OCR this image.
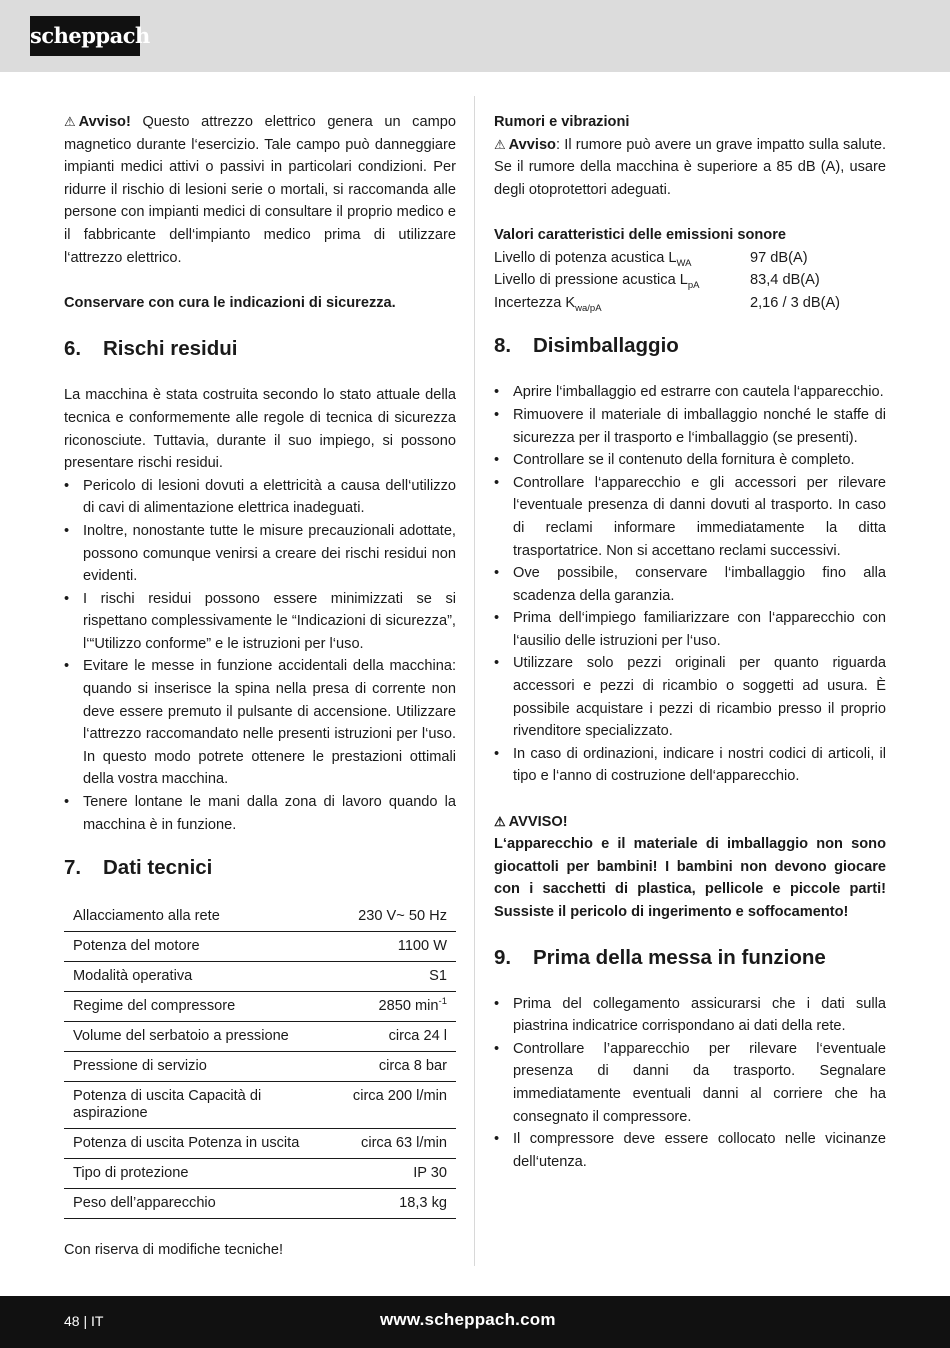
scheppach

⚠ Avviso! Questo attrezzo elettrico genera un campo magnetico durante l‘esercizio. Tale campo può danneggiare impianti medici attivi o passivi in particolari condizioni. Per ridurre il rischio di lesioni serie o mortali, si raccomanda alle persone con impianti medici di consultare il proprio medico e il fabbricante dell‘impianto medico prima di utilizzare l‘attrezzo elettrico.

Conservare con cura le indicazioni di sicurezza.

6.	Rischi residui

La macchina è stata costruita secondo lo stato attuale della tecnica e conformemente alle regole di tecnica di sicurezza riconosciute. Tuttavia, durante il suo impiego, si possono presentare rischi residui.

• Pericolo di lesioni dovuti a elettricità a causa dell‘utilizzo di cavi di alimentazione elettrica inadeguati.
• Inoltre, nonostante tutte le misure precauzionali adottate, possono comunque venirsi a creare dei rischi residui non evidenti.
• I rischi residui possono essere minimizzati se si rispettano complessivamente le “Indicazioni di sicurezza”, l‘“Utilizzo conforme” e le istruzioni per l‘uso.
• Evitare le messe in funzione accidentali della macchina: quando si inserisce la spina nella presa di corrente non deve essere premuto il pulsante di accensione. Utilizzare l‘attrezzo raccomandato nelle presenti istruzioni per l‘uso. In questo modo potrete ottenere le prestazioni ottimali della vostra macchina.
• Tenere lontane le mani dalla zona di lavoro quando la macchina è in funzione.
7.	Dati tecnici
Allacciamento alla rete	230 V~ 50 Hz
Potenza del motore	1100 W
Modalità operativa	S1
Regime del compressore	2850 $\min^{-1}$
Volume del serbatoio a pressione	circa 24 l
Pressione di servizio	circa 8 bar
Potenza di uscita Capacità di aspirazione	circa 200 l/min
Potenza di uscita Potenza in uscita	circa 63 l/min
Tipo di protezione	IP 30
Peso dell’apparecchio	18,3 kg

Con riserva di modifiche tecniche!

Rumori e vibrazioni

⚠ Avviso: Il rumore può avere un grave impatto sulla salute. Se il rumore della macchina è superiore a 85 dB (A), usare degli otoprotettori adeguati.

Valori caratteristici delle emissioni sonore

Livello di potenza acustica $L_{WA}$	97 dB(A)
Livello di pressione acustica $L_{pA}$	83,4 dB(A)
Incertezza $K_{wa/pA}$	2,16 / 3 dB(A)
8.	Disimballaggio
• Aprire l‘imballaggio ed estrarre con cautela l‘apparecchio.
• Rimuovere il materiale di imballaggio nonché le staffe di sicurezza per il trasporto e l‘imballaggio (se presenti).
• Controllare se il contenuto della fornitura è completo.
• Controllare l‘apparecchio e gli accessori per rilevare l‘eventuale presenza di danni dovuti al trasporto. In caso di reclami informare immediatamente la ditta trasportatrice. Non si accettano reclami successivi.
• Ove possibile, conservare l‘imballaggio fino alla scadenza della garanzia.
• Prima dell‘impiego familiarizzare con l‘apparecchio con l‘ausilio delle istruzioni per l‘uso.
• Utilizzare solo pezzi originali per quanto riguarda accessori e pezzi di ricambio o soggetti ad usura. È possibile acquistare i pezzi di ricambio presso il proprio rivenditore specializzato.
• In caso di ordinazioni, indicare i nostri codici di articoli, il tipo e l‘anno di costruzione dell‘apparecchio.

⚠ AVVISO!

L‘apparecchio e il materiale di imballaggio non sono giocattoli per bambini! I bambini non devono giocare con i sacchetti di plastica, pellicole e piccole parti! Sussiste il pericolo di ingerimento e soffocamento!

9.	Prima della messa in funzione
• Prima del collegamento assicurarsi che i dati sulla piastrina indicatrice corrispondano ai dati della rete.
• Controllare l’apparecchio per rilevare l‘eventuale presenza di danni da trasporto. Segnalare immediatamente eventuali danni al corriere che ha consegnato il compressore.
• Il compressore deve essere collocato nelle vicinanze dell‘utenza.
48 | IT	www.scheppach.com
